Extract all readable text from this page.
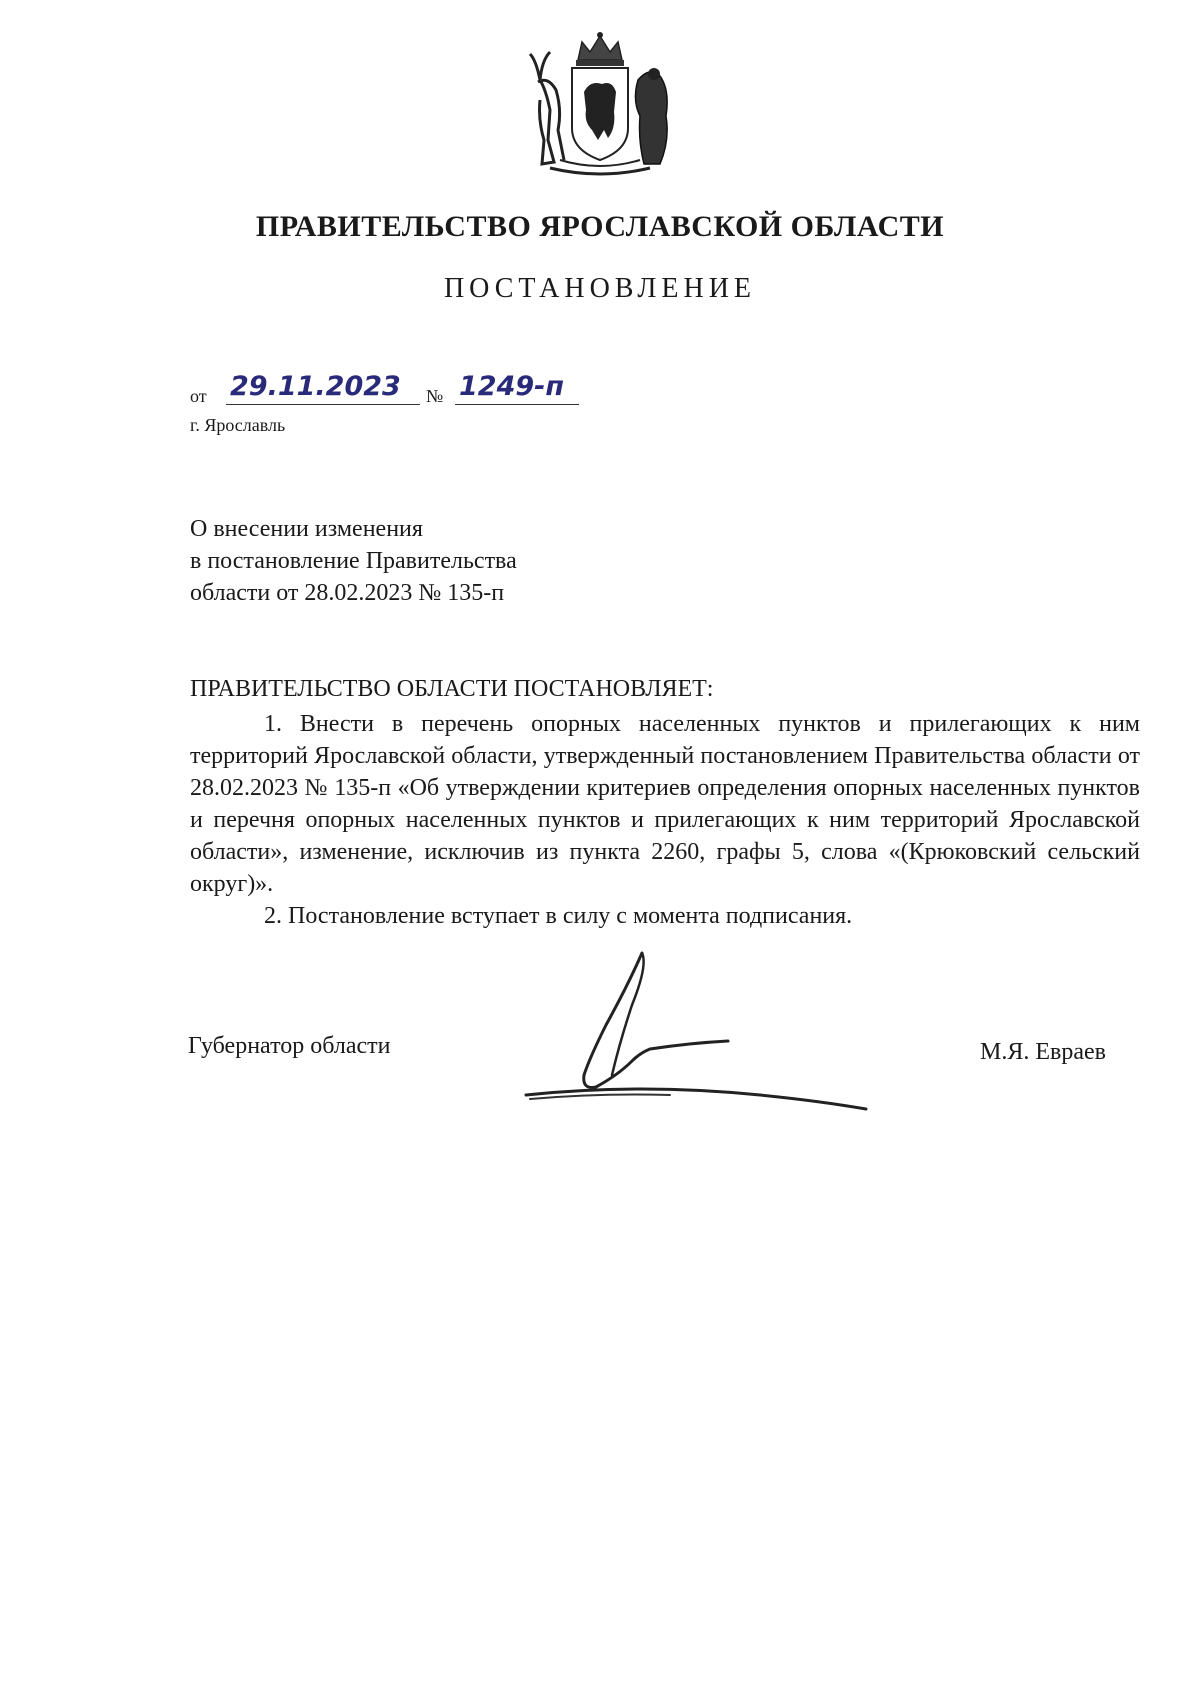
ПРАВИТЕЛЬСТВО ЯРОСЛАВСКОЙ ОБЛАСТИ
ПОСТАНОВЛЕНИЕ
от 29.11.2023	№ 1249-п
г. Ярославль
О внесении изменения
в постановление Правительства
области от 28.02.2023 № 135-п
ПРАВИТЕЛЬСТВО ОБЛАСТИ ПОСТАНОВЛЯЕТ:
1. Внести в перечень опорных населенных пунктов и прилегающих к ним территорий Ярославской области, утвержденный постановлением Правительства области от 28.02.2023 № 135-п «Об утверждении критериев определения опорных населенных пунктов и перечня опорных населенных пунктов и прилегающих к ним территорий Ярославской области», изменение, исключив из пункта 2260, графы 5, слова «(Крюковский сельский округ)».
2. Постановление вступает в силу с момента подписания.
Губернатор области	М.Я. Евраев
